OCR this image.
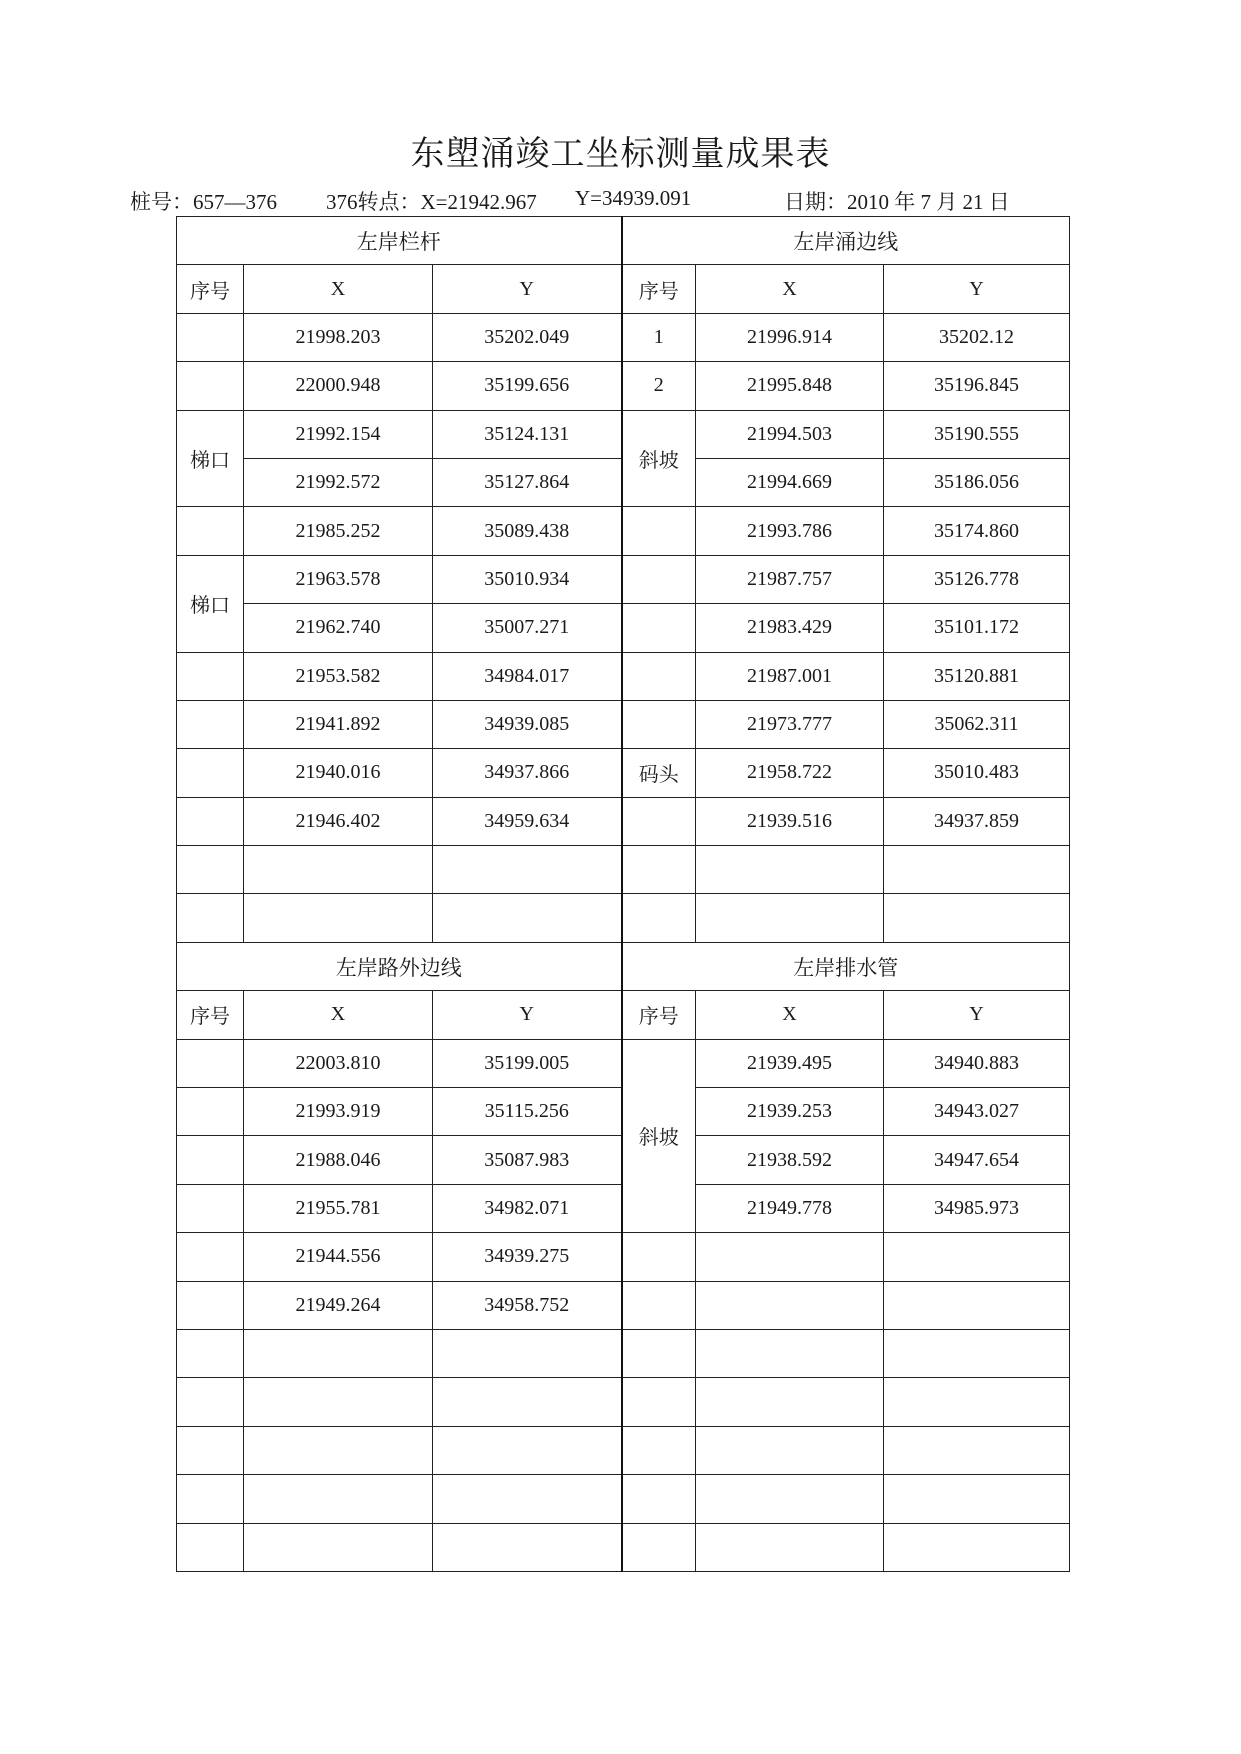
东塱涌竣工坐标测量成果表
桩号：657—376 376转点：X=21942.967 Y=34939.091	日期：2010 年 7 月 21 日
左岸栏杆			左岸涌边线		
序号	X	Y	序号	X	Y
	21998.203	35202.049	1	21996.914	35202.12
	22000.948	35199.656	2	21995.848	35196.845
梯口	21992.154	35124.131	斜坡	21994.503	35190.555
	21992.572	35127.864		21994.669	35186.056
	21985.252	35089.438		21993.786	35174.860
梯口	21963.578	35010.934		21987.757	35126.778
	21962.740	35007.271		21983.429	35101.172
	21953.582	34984.017		21987.001	35120.881
	21941.892	34939.085		21973.777	35062.311
	21940.016	34937.866	码头	21958.722	35010.483
	21946.402	34959.634		21939.516	34937.859

左岸路外边线			左岸排水管		
序号	X	Y	序号	X	Y
	22003.810	35199.005	斜坡	21939.495	34940.883
	21993.919	35115.256		21939.253	34943.027
	21988.046	35087.983		21938.592	34947.654
	21955.781	34982.071		21949.778	34985.973
	21944.556	34939.275			
	21949.264	34958.752			
